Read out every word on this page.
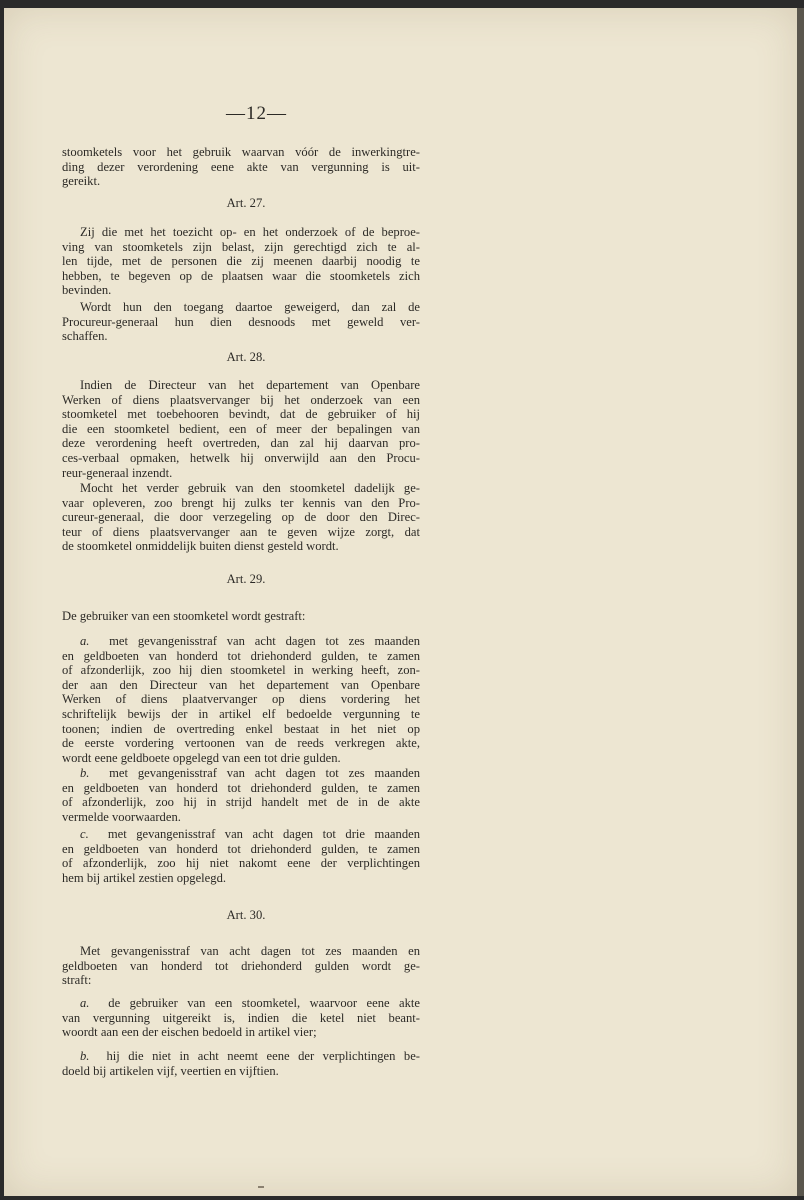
—12—
stoomketels voor het gebruik waarvan vóór de inwerkingtre-
ding dezer verordening eene akte van vergunning is uit-
gereikt.
Art. 27.
Zij die met het toezicht op- en het onderzoek of de beproe-
ving van stoomketels zijn belast, zijn gerechtigd zich te al-
len tijde, met de personen die zij meenen daarbij noodig te
hebben, te begeven op de plaatsen waar die stoomketels zich
bevinden.
Wordt hun den toegang daartoe geweigerd, dan zal de
Procureur-generaal hun dien desnoods met geweld ver-
schaffen.
Art. 28.
Indien de Directeur van het departement van Openbare
Werken of diens plaatsvervanger bij het onderzoek van een
stoomketel met toebehooren bevindt, dat de gebruiker of hij
die een stoomketel bedient, een of meer der bepalingen van
deze verordening heeft overtreden, dan zal hij daarvan pro-
ces-verbaal opmaken, hetwelk hij onverwijld aan den Procu-
reur-generaal inzendt.
Mocht het verder gebruik van den stoomketel dadelijk ge-
vaar opleveren, zoo brengt hij zulks ter kennis van den Pro-
cureur-generaal, die door verzegeling op de door den Direc-
teur of diens plaatsvervanger aan te geven wijze zorgt, dat
de stoomketel onmiddelijk buiten dienst gesteld wordt.
Art. 29.
De gebruiker van een stoomketel wordt gestraft:
a. met gevangenisstraf van acht dagen tot zes maanden
en geldboeten van honderd tot driehonderd gulden, te zamen
of afzonderlijk, zoo hij dien stoomketel in werking heeft, zon-
der aan den Directeur van het departement van Openbare
Werken of diens plaatvervanger op diens vordering het
schriftelijk bewijs der in artikel elf bedoelde vergunning te
toonen; indien de overtreding enkel bestaat in het niet op
de eerste vordering vertoonen van de reeds verkregen akte,
wordt eene geldboete opgelegd van een tot drie gulden.
b. met gevangenisstraf van acht dagen tot zes maanden
en geldboeten van honderd tot driehonderd gulden, te zamen
of afzonderlijk, zoo hij in strijd handelt met de in de akte
vermelde voorwaarden.
c. met gevangenisstraf van acht dagen tot drie maanden
en geldboeten van honderd tot driehonderd gulden, te zamen
of afzonderlijk, zoo hij niet nakomt eene der verplichtingen
hem bij artikel zestien opgelegd.
Art. 30.
Met gevangenisstraf van acht dagen tot zes maanden en
geldboeten van honderd tot driehonderd gulden wordt ge-
straft:
a. de gebruiker van een stoomketel, waarvoor eene akte
van vergunning uitgereikt is, indien die ketel niet beant-
woordt aan een der eischen bedoeld in artikel vier;
b. hij die niet in acht neemt eene der verplichtingen be-
doeld bij artikelen vijf, veertien en vijftien.
